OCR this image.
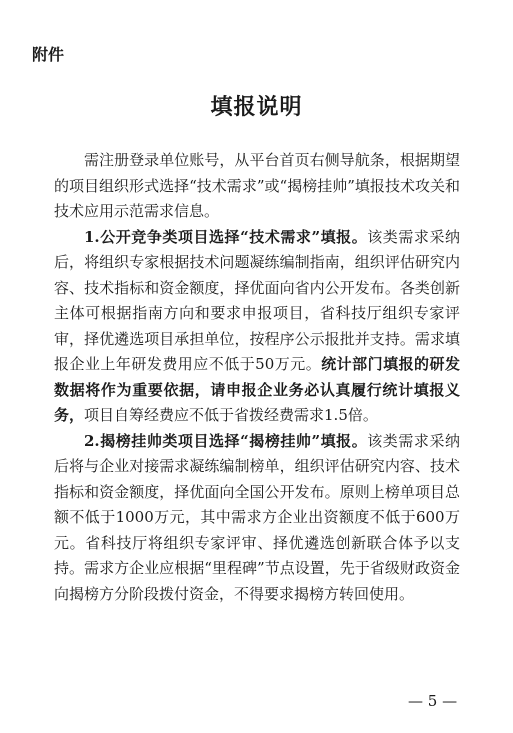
附件

填报说明

需注册登录单位账号，从平台首页右侧导航条，根据期望的项目组织形式选择“技术需求”或“揭榜挂帅”填报技术攻关和技术应用示范需求信息。

1.公开竞争类项目选择“技术需求”填报。该类需求采纳后，将组织专家根据技术问题凝练编制指南，组织评估研究内容、技术指标和资金额度，择优面向省内公开发布。各类创新主体可根据指南方向和要求申报项目，省科技厅组织专家评审，择优遴选项目承担单位，按程序公示报批并支持。需求填报企业上年研发费用应不低于50万元。统计部门填报的研发数据将作为重要依据，请申报企业务必认真履行统计填报义务，项目自筹经费应不低于省拨经费需求1.5倍。

2.揭榜挂帅类项目选择“揭榜挂帅”填报。该类需求采纳后将与企业对接需求凝练编制榜单，组织评估研究内容、技术指标和资金额度，择优面向全国公开发布。原则上榜单项目总额不低于1000万元，其中需求方企业出资额度不低于600万元。省科技厅将组织专家评审、择优遴选创新联合体予以支持。需求方企业应根据“里程碑”节点设置，先于省级财政资金向揭榜方分阶段拨付资金，不得要求揭榜方转回使用。

— 5 —
